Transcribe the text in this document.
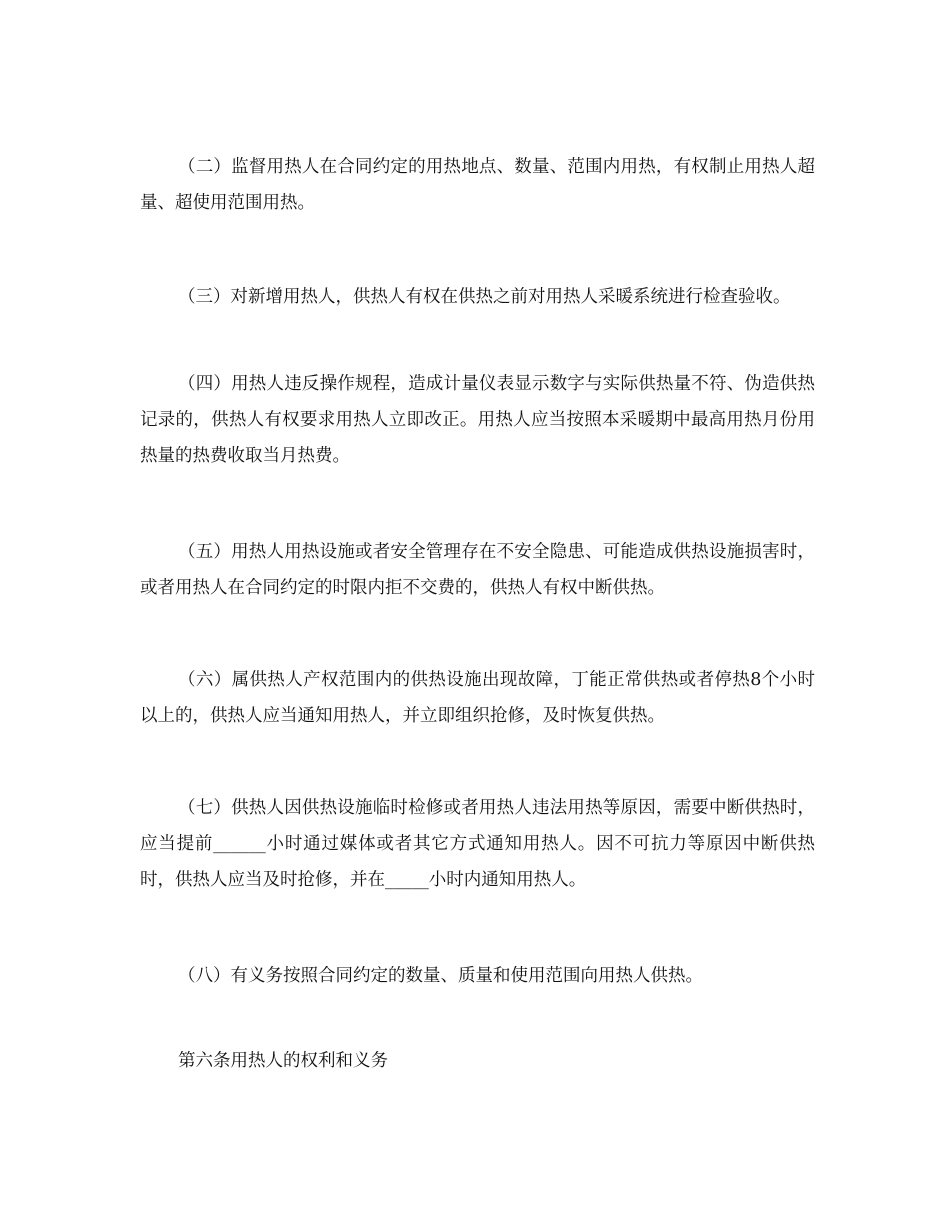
（二）监督用热人在合同约定的用热地点、数量、范围内用热，有权制止用热人超量、超使用范围用热。

（三）对新增用热人，供热人有权在供热之前对用热人采暖系统进行检查验收。

（四）用热人违反操作规程，造成计量仪表显示数字与实际供热量不符、伪造供热记录的，供热人有权要求用热人立即改正。用热人应当按照本采暖期中最高用热月份用热量的热费收取当月热费。

（五）用热人用热设施或者安全管理存在不安全隐患、可能造成供热设施损害时，或者用热人在合同约定的时限内拒不交费的，供热人有权中断供热。

（六）属供热人产权范围内的供热设施出现故障，丁能正常供热或者停热8个小时以上的，供热人应当通知用热人，并立即组织抢修，及时恢复供热。

（七）供热人因供热设施临时检修或者用热人违法用热等原因，需要中断供热时，应当提前______小时通过媒体或者其它方式通知用热人。因不可抗力等原因中断供热时，供热人应当及时抢修，并在_____小时内通知用热人。

（八）有义务按照合同约定的数量、质量和使用范围向用热人供热。

第六条用热人的权利和义务
